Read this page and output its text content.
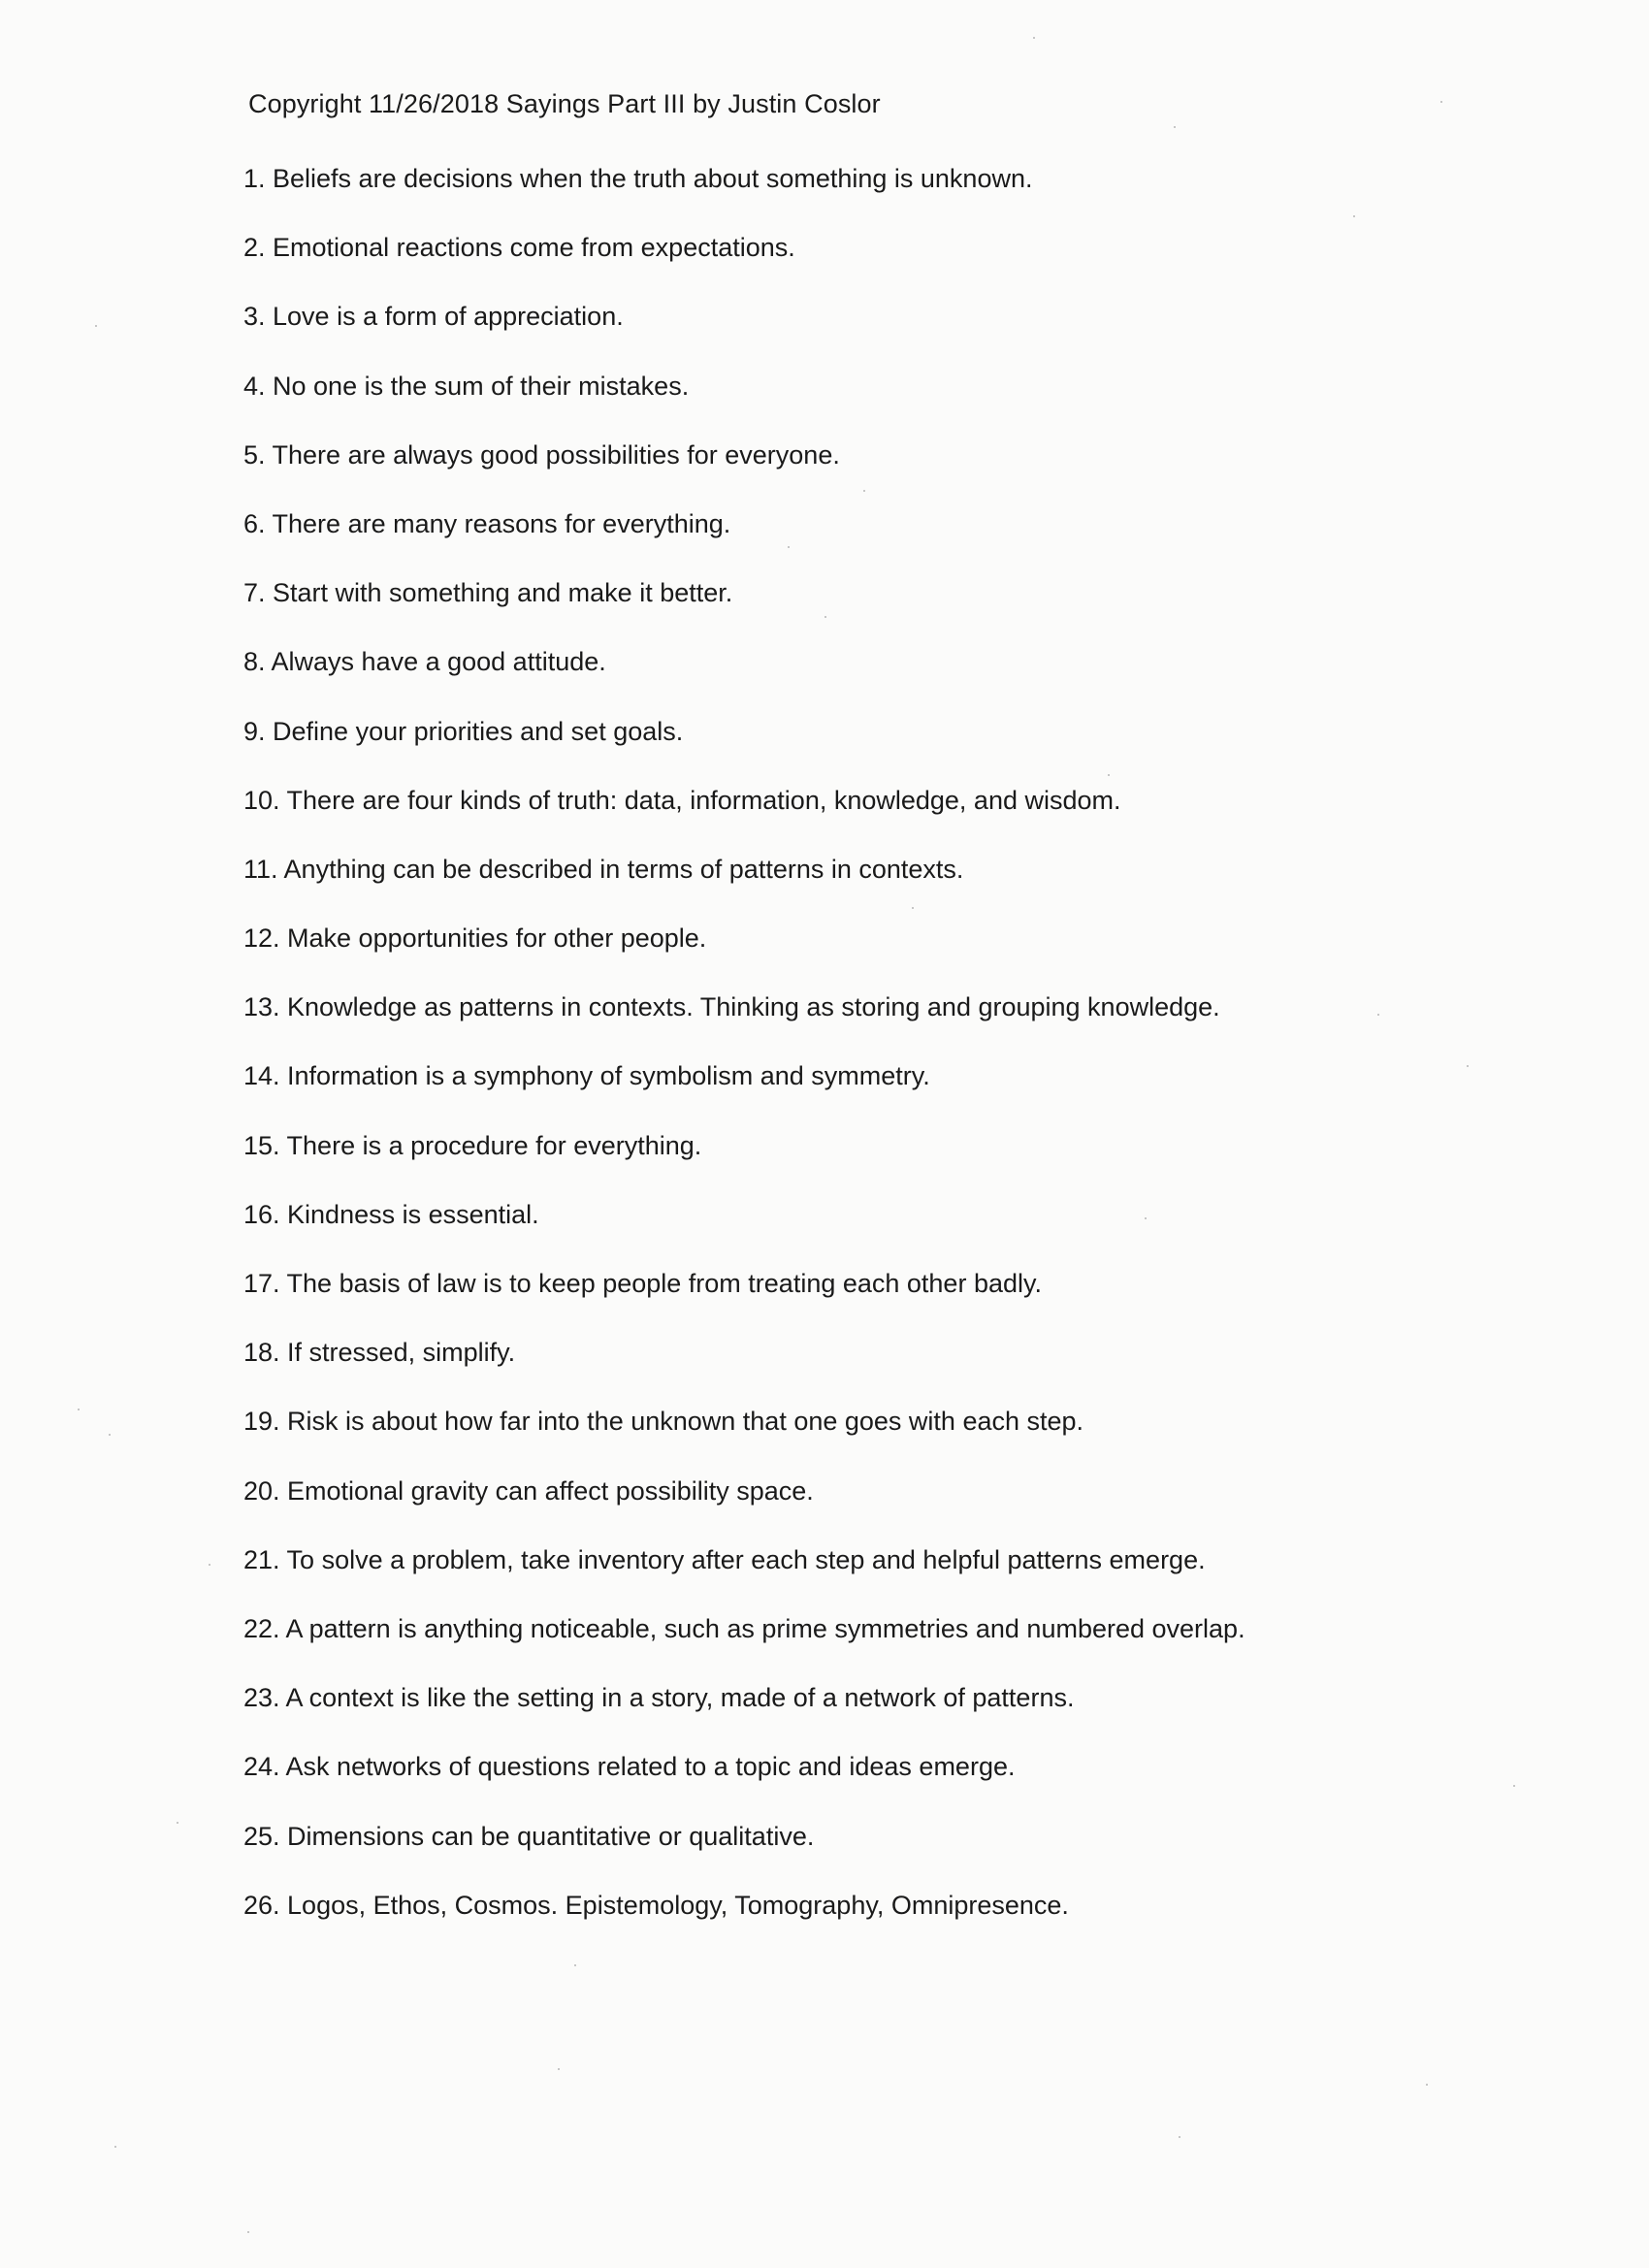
Copyright 11/26/2018 Sayings Part III by Justin Coslor
1. Beliefs are decisions when the truth about something is unknown.
2. Emotional reactions come from expectations.
3. Love is a form of appreciation.
4. No one is the sum of their mistakes.
5. There are always good possibilities for everyone.
6. There are many reasons for everything.
7. Start with something and make it better.
8. Always have a good attitude.
9. Define your priorities and set goals.
10. There are four kinds of truth: data, information, knowledge, and wisdom.
11. Anything can be described in terms of patterns in contexts.
12. Make opportunities for other people.
13. Knowledge as patterns in contexts. Thinking as storing and grouping knowledge.
14. Information is a symphony of symbolism and symmetry.
15. There is a procedure for everything.
16. Kindness is essential.
17. The basis of law is to keep people from treating each other badly.
18. If stressed, simplify.
19. Risk is about how far into the unknown that one goes with each step.
20. Emotional gravity can affect possibility space.
21. To solve a problem, take inventory after each step and helpful patterns emerge.
22. A pattern is anything noticeable, such as prime symmetries and numbered overlap.
23. A context is like the setting in a story, made of a network of patterns.
24. Ask networks of questions related to a topic and ideas emerge.
25. Dimensions can be quantitative or qualitative.
26. Logos, Ethos, Cosmos. Epistemology, Tomography, Omnipresence.
